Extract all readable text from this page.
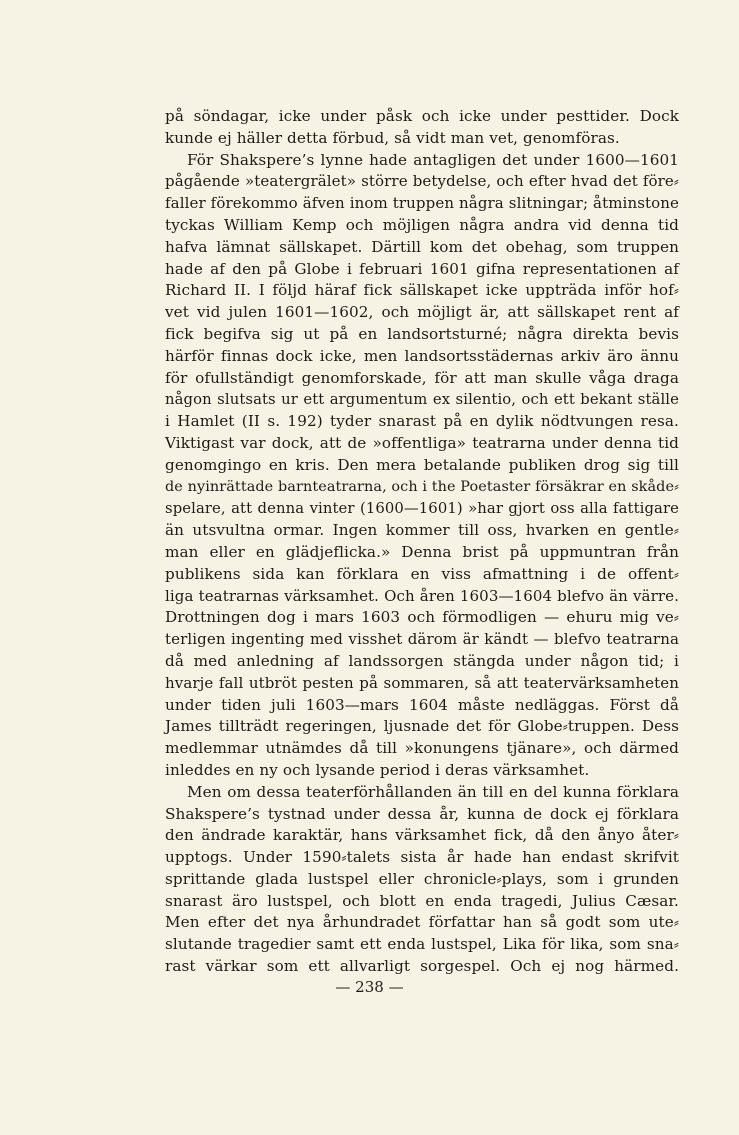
på söndagar, icke under påsk och icke under pesttider. Dock
kunde ej häller detta förbud, så vidt man vet, genomföras.
För Shakspere’s lynne hade antagligen det under 1600—1601
pågående »teatergrälet» större betydelse, och efter hvad det före⸗
faller förekommo äfven inom truppen några slitningar; åtminstone
tyckas William Kemp och möjligen några andra vid denna tid
hafva lämnat sällskapet. Därtill kom det obehag, som truppen
hade af den på Globe i februari 1601 gifna representationen af
Richard II. I följd häraf fick sällskapet icke uppträda inför hof⸗
vet vid julen 1601—1602, och möjligt är, att sällskapet rent af
fick begifva sig ut på en landsortsturné; några direkta bevis
härför finnas dock icke, men landsortsstädernas arkiv äro ännu
för ofullständigt genomforskade, för att man skulle våga draga
någon slutsats ur ett argumentum ex silentio, och ett bekant ställe
i Hamlet (II s. 192) tyder snarast på en dylik nödtvungen resa.
Viktigast var dock, att de »offentliga» teatrarna under denna tid
genomgingo en kris. Den mera betalande publiken drog sig till
de nyinrättade barnteatrarna, och i the Poetaster försäkrar en skåde⸗
spelare, att denna vinter (1600—1601) »har gjort oss alla fattigare
än utsvultna ormar. Ingen kommer till oss, hvarken en gentle⸗
man eller en glädjeflicka.» Denna brist på uppmuntran från
publikens sida kan förklara en viss afmattning i de offent⸗
liga teatrarnas värksamhet. Och åren 1603—1604 blefvo än värre.
Drottningen dog i mars 1603 och förmodligen — ehuru mig ve⸗
terligen ingenting med visshet därom är kändt — blefvo teatrarna
då med anledning af landssorgen stängda under någon tid; i
hvarje fall utbröt pesten på sommaren, så att teatervärksamheten
under tiden juli 1603—mars 1604 måste nedläggas. Först då
James tillträdt regeringen, ljusnade det för Globe⸗truppen. Dess
medlemmar utnämdes då till »konungens tjänare», och därmed
inleddes en ny och lysande period i deras värksamhet.
Men om dessa teaterförhållanden än till en del kunna förklara
Shakspere’s tystnad under dessa år, kunna de dock ej förklara
den ändrade karaktär, hans värksamhet fick, då den ånyo åter⸗
upptogs. Under 1590⸗talets sista år hade han endast skrifvit
sprittande glada lustspel eller chronicle⸗plays, som i grunden
snarast äro lustspel, och blott en enda tragedi, Julius Cæsar.
Men efter det nya århundradet författar han så godt som ute⸗
slutande tragedier samt ett enda lustspel, Lika för lika, som sna⸗
rast värkar som ett allvarligt sorgespel. Och ej nog härmed.
— 238 —
